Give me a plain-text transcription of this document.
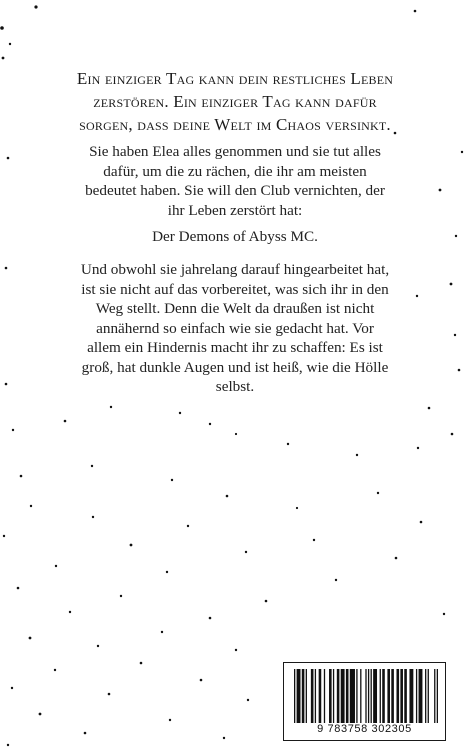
Ein einziger Tag kann dein restliches Leben
zerstören. Ein einziger Tag kann dafür
sorgen, dass deine Welt im Chaos versinkt.
Sie haben Elea alles genommen und sie tut alles
dafür, um die zu rächen, die ihr am meisten
bedeutet haben. Sie will den Club vernichten, der
ihr Leben zerstört hat:
Der Demons of Abyss MC.
Und obwohl sie jahrelang darauf hingearbeitet hat,
ist sie nicht auf das vorbereitet, was sich ihr in den
Weg stellt. Denn die Welt da draußen ist nicht
annähernd so einfach wie sie gedacht hat. Vor
allem ein Hindernis macht ihr zu schaffen: Es ist
groß, hat dunkle Augen und ist heiß, wie die Hölle
selbst.
9 783758 302305
